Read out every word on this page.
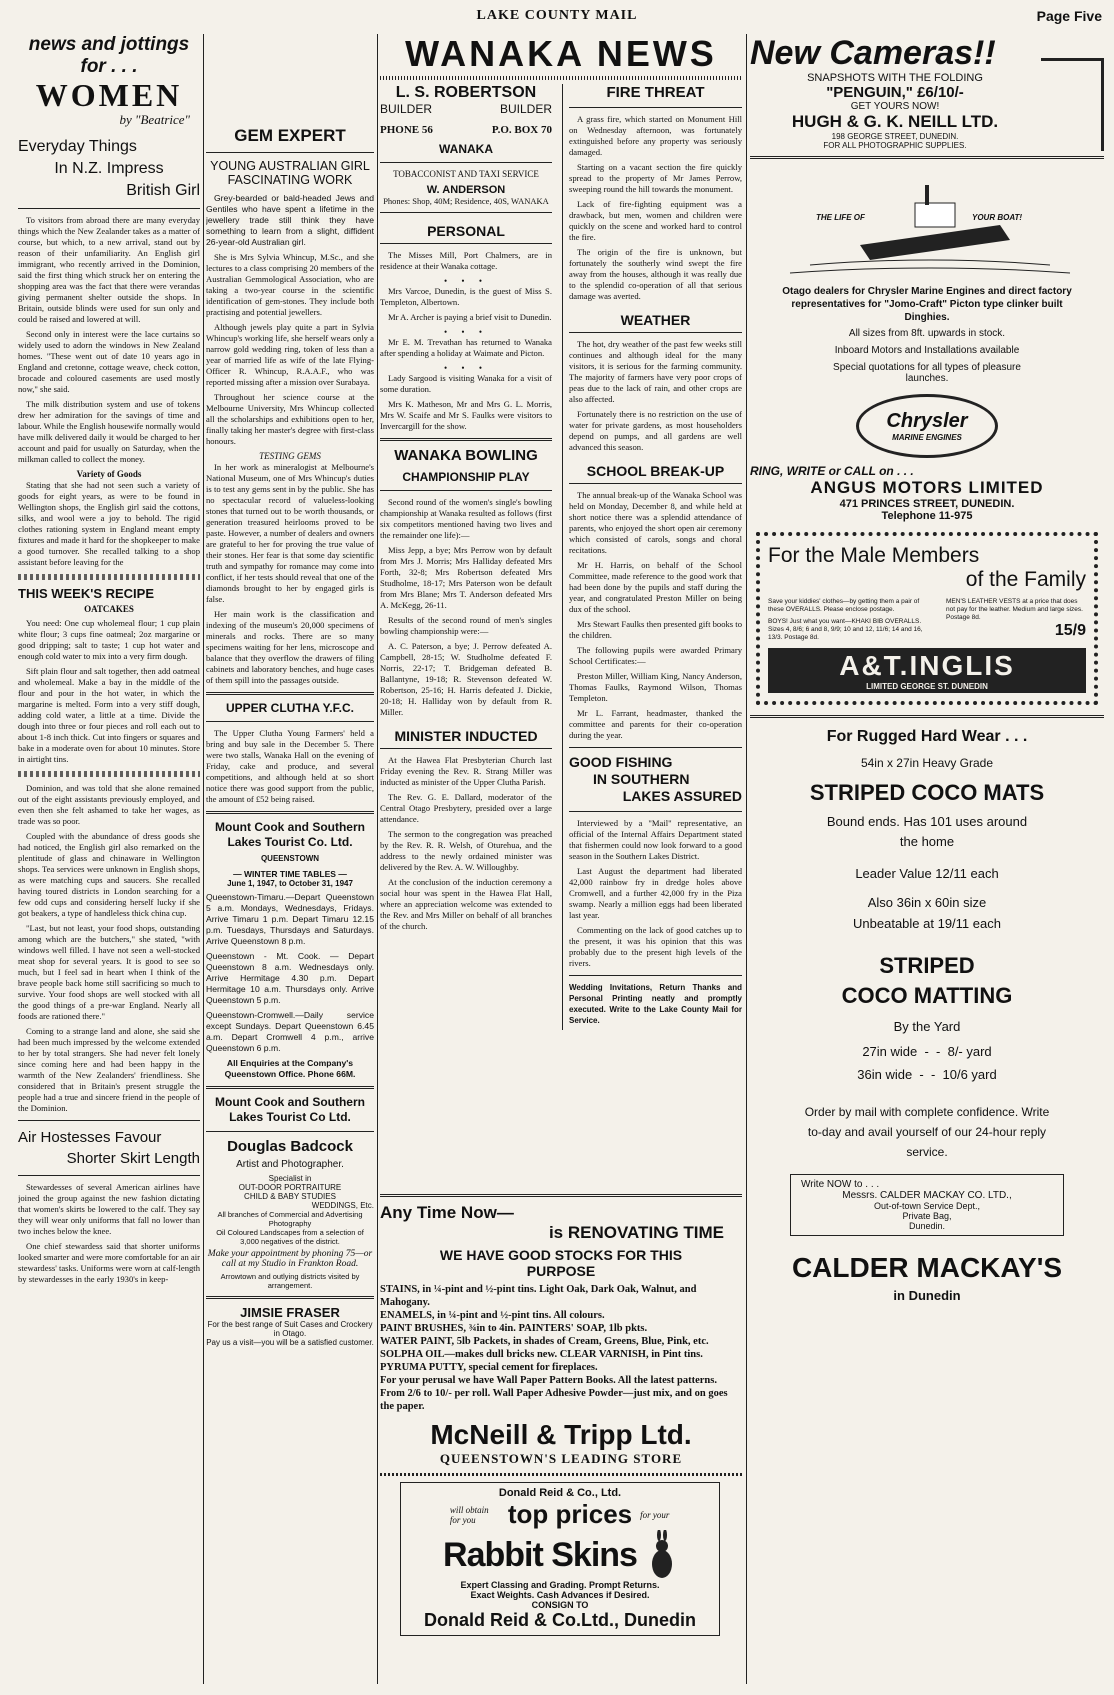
LAKE COUNTY MAIL	Page Five
news and jottings for . . .
WOMEN
by "Beatrice"
Everyday Things
In N.Z. Impress
British Girl

To visitors from abroad there are many everyday things which the New Zealander takes as a matter of course, but which, to a new arrival, stand out by reason of their unfamiliarity. An English girl immigrant, who recently arrived in the Dominion, said the first thing which struck her on entering the shopping area was the fact that there were verandas giving permanent shelter outside the shops. In Britain, outside blinds were used for sun only and could be raised and lowered at will.

Second only in interest were the lace curtains so widely used to adorn the windows in New Zealand homes. "These went out of date 10 years ago in England and cretonne, cottage weave, check cotton, brocade and coloured casements are used mostly now," she said.

The milk distribution system and use of tokens drew her admiration for the savings of time and labour. While the English housewife normally would have milk delivered daily it would be charged to her account and paid for usually on Saturday, when the milkman called to collect the money.

Variety of Goods

Stating that she had not seen such a variety of goods for eight years, as were to be found in Wellington shops, the English girl said the cottons, silks, and wool were a joy to behold. The rigid clothes rationing system in England meant empty fixtures and made it hard for the shopkeeper to make a good turnover. She recalled talking to a shop assistant before leaving for the

THIS WEEK'S RECIPE
OATCAKES

You need: One cup wholemeal flour; 1 cup plain white flour; 3 cups fine oatmeal; 2oz margarine or good dripping; salt to taste; 1 cup hot water and enough cold water to mix into a very firm dough.

Sift plain flour and salt together, then add oatmeal and wholemeal. Make a bay in the middle of the flour and pour in the hot water, in which the margarine is melted. Form into a very stiff dough, adding cold water, a little at a time. Divide the dough into three or four pieces and roll each out to about 1-8 inch thick. Cut into fingers or squares and bake in a moderate oven for about 10 minutes. Store in airtight tins.

Dominion, and was told that she alone remained out of the eight assistants previously employed, and even then she felt ashamed to take her wages, as trade was so poor.

Coupled with the abundance of dress goods she had noticed, the English girl also remarked on the plentitude of glass and chinaware in Wellington shops. Tea services were unknown in English shops, as were matching cups and saucers. She recalled having toured districts in London searching for a few odd cups and considering herself lucky if she got beakers, a type of handleless thick china cup.

"Last, but not least, your food shops, outstanding among which are the butchers," she stated, "with windows well filled. I have not seen a well-stocked meat shop for several years. It is good to see so much, but I feel sad in heart when I think of the brave people back home still sacrificing so much to survive. Your food shops are well stocked with all the good things of a pre-war England. Nearly all foods are rationed there."

Coming to a strange land and alone, she said she had been much impressed by the welcome extended to her by total strangers. She had never felt lonely since coming here and had been happy in the warmth of the New Zealanders' friendliness. She considered that in Britain's present struggle the people had a true and sincere friend in the people of the Dominion.

Air Hostesses Favour
Shorter Skirt Length

Stewardesses of several American airlines have joined the group against the new fashion dictating that women's skirts be lowered to the calf. They say they will wear only uniforms that fall no lower than two inches below the knee.

One chief stewardess said that shorter uniforms looked smarter and were more comfortable for an air stewardess' tasks. Uniforms were worn at calf-length by stewardesses in the early 1930's in keep-

GEM EXPERT
YOUNG AUSTRALIAN GIRL
FASCINATING WORK

Grey-bearded or bald-headed Jews and Gentiles who have spent a lifetime in the jewellery trade still think they have something to learn from a slight, diffident 26-year-old Australian girl.

She is Mrs Sylvia Whincup, M.Sc., and she lectures to a class comprising 20 members of the Australian Gemmological Association, who are taking a two-year course in the scientific identification of gem-stones. They include both practising and potential jewellers.

Although jewels play quite a part in Sylvia Whincup's working life, she herself wears only a narrow gold wedding ring, token of less than a year of married life as wife of the late Flying-Officer R. Whincup, R.A.A.F., who was reported missing after a mission over Surabaya.

Throughout her science course at the Melbourne University, Mrs Whincup collected all the scholarships and exhibitions open to her, finally taking her master's degree with first-class honours.

TESTING GEMS

In her work as mineralogist at Melbourne's National Museum, one of Mrs Whincup's duties is to test any gems sent in by the public. She has no spectacular record of valueless-looking stones that turned out to be worth thousands, or generation treasured heirlooms proved to be paste. However, a number of dealers and owners are grateful to her for proving the true value of their stones. Her fear is that some day scientific truth and sympathy for romance may come into conflict, if her tests should reveal that one of the diamonds brought to her by engaged girls is false.

Her main work is the classification and indexing of the museum's 20,000 specimens of minerals and rocks. There are so many specimens waiting for her lens, microscope and balance that they overflow the drawers of filing cabinets and laboratory benches, and huge cases of them spill into the passages outside.

UPPER CLUTHA Y.F.C.

The Upper Clutha Young Farmers' held a bring and buy sale in the December 5. There were two stalls, Wanaka Hall on the evening of Friday, cake and produce, and several competitions, and although held at so short notice there was good support from the public, the amount of £52 being raised.

Mount Cook and Southern Lakes Tourist Co. Ltd.
QUEENSTOWN
— WINTER TIME TABLES —
June 1, 1947, to October 31, 1947

Queenstown-Timaru.—Depart Queenstown 5 a.m. Mondays, Wednesdays, Fridays. Arrive Timaru 1 p.m. Depart Timaru 12.15 p.m. Tuesdays, Thursdays and Saturdays. Arrive Queenstown 8 p.m.

Queenstown - Mt. Cook. — Depart Queenstown 8 a.m. Wednesdays only. Arrive Hermitage 4.30 p.m. Depart Hermitage 10 a.m. Thursdays only. Arrive Queenstown 5 p.m.

Queenstown-Cromwell.—Daily service except Sundays. Depart Queenstown 6.45 a.m. Depart Cromwell 4 p.m., arrive Queenstown 6 p.m.

All Enquiries at the Company's Queenstown Office. Phone 66M.

Mount Cook and Southern Lakes Tourist Co Ltd.
Douglas Badcock
Artist and Photographer.
Specialist in
OUT-DOOR PORTRAITURE
CHILD & BABY STUDIES
WEDDINGS, Etc.
All branches of Commercial and Advertising Photography
Oil Coloured Landscapes from a selection of 3,000 negatives of the district.
Make your appointment by phoning 75—or call at my Studio in Frankton Road.
Arrowtown and outlying districts visited by arrangement.
JIMSIE FRASER
For the best range of Suit Cases and Crockery in Otago.
Pay us a visit—you will be a satisfied customer.
WANAKA NEWS
L. S. ROBERTSON
BUILDER	BUILDER
PHONE 56	P.O. BOX 70
WANAKA
TOBACCONIST AND TAXI SERVICE
W. ANDERSON
Phones: Shop, 40M; Residence, 40S, WANAKA
PERSONAL

The Misses Mill, Port Chalmers, are in residence at their Wanaka cottage.

• • •

Mrs Varcoe, Dunedin, is the guest of Miss S. Templeton, Albertown.

Mr A. Archer is paying a brief visit to Dunedin.

• • •

Mr E. M. Trevathan has returned to Wanaka after spending a holiday at Waimate and Picton.

• • •

Lady Sargood is visiting Wanaka for a visit of some duration.

Mrs K. Matheson, Mr and Mrs G. L. Morris, Mrs W. Scaife and Mr S. Faulks were visitors to Invercargill for the show.

WANAKA BOWLING
CHAMPIONSHIP PLAY

Second round of the women's single's bowling championship at Wanaka resulted as follows (first six competitors mentioned having two lives and the remainder one life):—

Miss Jepp, a bye; Mrs Perrow won by default from Mrs J. Morris; Mrs Halliday defeated Mrs Forth, 32-8; Mrs Robertson defeated Mrs Studholme, 18-17; Mrs Paterson won be default from Mrs Blane; Mrs T. Anderson defeated Mrs A. McKegg, 26-11.

Results of the second round of men's singles bowling championship were:—

A. C. Paterson, a bye; J. Perrow defeated A. Campbell, 28-15; W. Studholme defeated F. Norris, 22-17; T. Bridgeman defeated B. Ballantyne, 19-18; R. Stevenson defeated W. Robertson, 25-16; H. Harris defeated J. Dickie, 20-18; H. Halliday won by default from R. Miller.

MINISTER INDUCTED

At the Hawea Flat Presbyterian Church last Friday evening the Rev. R. Strang Miller was inducted as minister of the Upper Clutha Parish.

The Rev. G. E. Dallard, moderator of the Central Otago Presbytery, presided over a large attendance.

The sermon to the congregation was preached by the Rev. R. R. Welsh, of Oturehua, and the address to the newly ordained minister was delivered by the Rev. A. W. Willoughby.

At the conclusion of the induction ceremony a social hour was spent in the Hawea Flat Hall, where an appreciation welcome was extended to the Rev. and Mrs Miller on behalf of all branches of the church.

FIRE THREAT

A grass fire, which started on Monument Hill on Wednesday afternoon, was fortunately extinguished before any property was seriously damaged.

Starting on a vacant section the fire quickly spread to the property of Mr James Perrow, sweeping round the hill towards the monument.

Lack of fire-fighting equipment was a drawback, but men, women and children were quickly on the scene and worked hard to control the fire.

The origin of the fire is unknown, but fortunately the southerly wind swept the fire away from the houses, although it was really due to the splendid co-operation of all that serious damage was averted.

WEATHER

The hot, dry weather of the past few weeks still continues and although ideal for the many visitors, it is serious for the farming community. The majority of farmers have very poor crops of peas due to the lack of rain, and other crops are also affected.

Fortunately there is no restriction on the use of water for private gardens, as most householders depend on pumps, and all gardens are well advanced this season.

SCHOOL BREAK-UP

The annual break-up of the Wanaka School was held on Monday, December 8, and while held at short notice there was a splendid attendance of parents, who enjoyed the short open air ceremony which consisted of carols, songs and choral recitations.

Mr H. Harris, on behalf of the School Committee, made reference to the good work that had been done by the pupils and staff during the year, and congratulated Preston Miller on being dux of the school.

Mrs Stewart Faulks then presented gift books to the children.

The following pupils were awarded Primary School Certificates:—

Preston Miller, William King, Nancy Anderson, Thomas Faulks, Raymond Wilson, Thomas Templeton.

Mr L. Farrant, headmaster, thanked the committee and parents for their co-operation during the year.

GOOD FISHING
IN SOUTHERN
LAKES ASSURED

Interviewed by a "Mail" representative, an official of the Internal Affairs Department stated that fishermen could now look forward to a good season in the Southern Lakes District.

Last August the department had liberated 42,000 rainbow fry in dredge holes above Cromwell, and a further 42,000 fry in the Piza swamp. Nearly a million eggs had been liberated last year.

Commenting on the lack of good catches up to the present, it was his opinion that this was probably due to the present high levels of the rivers.

Wedding Invitations, Return Thanks and Personal Printing neatly and promptly executed. Write to the Lake County Mail for Service.

Any Time Now—
is RENOVATING TIME
WE HAVE GOOD STOCKS FOR THIS PURPOSE
STAINS, in ¼-pint and ½-pint tins. Light Oak, Dark Oak, Walnut, and Mahogany.
ENAMELS, in ¼-pint and ½-pint tins. All colours.
PAINT BRUSHES, ¾in to 4in. PAINTERS' SOAP, 1lb pkts.
WATER PAINT, 5lb Packets, in shades of Cream, Greens, Blue, Pink, etc.
SOLPHA OIL—makes dull bricks new. CLEAR VARNISH, in Pint tins. PYRUMA PUTTY, special cement for fireplaces.
For your perusal we have Wall Paper Pattern Books. All the latest patterns. From 2/6 to 10/- per roll. Wall Paper Adhesive Powder—just mix, and on goes the paper.
McNeill & Tripp Ltd.
QUEENSTOWN'S LEADING STORE
Donald Reid & Co., Ltd.
will obtain for you	top prices for your
Rabbit Skins
Expert Classing and Grading. Prompt Returns.
Exact Weights. Cash Advances if Desired.
CONSIGN TO
Donald Reid & Co.Ltd., Dunedin
New Cameras!!
SNAPSHOTS WITH THE FOLDING
"PENGUIN," £6/10/-
GET YOURS NOW!
HUGH & G. K. NEILL LTD.
198 GEORGE STREET, DUNEDIN.
FOR ALL PHOTOGRAPHIC SUPPLIES.
THE LIFE OF	YOUR BOAT!
Otago dealers for Chrysler Marine Engines and direct factory representatives for "Jomo-Craft" Picton type clinker built Dinghies.
All sizes from 8ft. upwards in stock.
Inboard Motors and Installations available
Special quotations for all types of pleasure launches.
Chrysler
MARINE ENGINES
RING, WRITE or CALL on . . .
ANGUS MOTORS LIMITED
471 PRINCES STREET, DUNEDIN.
Telephone 11-975
For the Male Members
of the Family
Save your kiddies' clothes—by getting them a pair of these OVERALLS. Please enclose postage.
BOYS! Just what you want—KHAKI BIB OVERALLS. Sizes 4, 8/6; 6 and 8, 9/9; 10 and 12, 11/6; 14 and 16, 13/3. Postage 8d.
MEN'S LEATHER VESTS at a price that does not pay for the leather. Medium and large sizes. Postage 8d.
15/9
A&T.INGLIS
LIMITED GEORGE ST. DUNEDIN
For Rugged Hard Wear . . .
54in x 27in Heavy Grade
STRIPED COCO MATS
Bound ends. Has 101 uses around the home
Leader Value 12/11 each
Also 36in x 60in size
Unbeatable at 19/11 each
STRIPED
COCO MATTING
By the Yard
27in wide  -  -  8/- yard
36in wide  -  -  10/6 yard
Order by mail with complete confidence. Write to-day and avail yourself of our 24-hour reply service.
Write NOW to . . .
Messrs. CALDER MACKAY CO. LTD.,
Out-of-town Service Dept.,
Private Bag,
Dunedin.
CALDER MACKAY'S
in Dunedin
